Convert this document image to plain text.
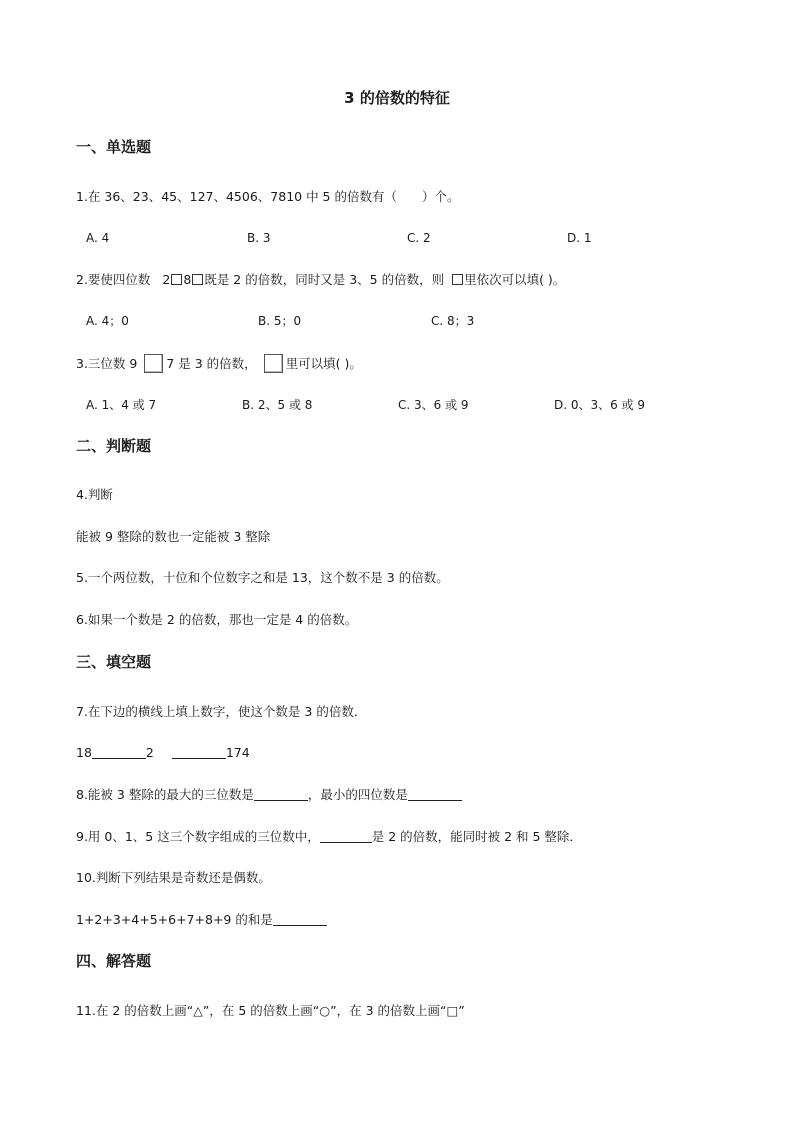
3 的倍数的特征
一、单选题
1.在 36、23、45、127、4506、7810 中 5 的倍数有（　　）个。
A. 4	B. 3	C. 2	D. 1
2.要使四位数 2 8 既是 2 的倍数，同时又是 3、5 的倍数，则 里依次可以填( )。
A. 4；0	B. 5；0	C. 8；3
3.三位数 9 7 是 3 的倍数， 里可以填( )。
A. 1、4 或 7	B. 2、5 或 8	C. 3、6 或 9	D. 0、3、6 或 9
二、判断题
4.判断
能被 9 整除的数也一定能被 3 整除
5.一个两位数，十位和个位数字之和是 13，这个数不是 3 的倍数。
6.如果一个数是 2 的倍数，那也一定是 4 的倍数。
三、填空题
7.在下边的横线上填上数字，使这个数是 3 的倍数．
18	2	174
8.能被 3 整除的最大的三位数是	，最小的四位数是
9.用 0、1、5 这三个数字组成的三位数中，	是 2 的倍数，能同时被 2 和 5 整除．
10.判断下列结果是奇数还是偶数。
1+2+3+4+5+6+7+8+9 的和是
四、解答题
11.在 2 的倍数上画“△”，在 5 的倍数上画“○”，在 3 的倍数上画“□”
